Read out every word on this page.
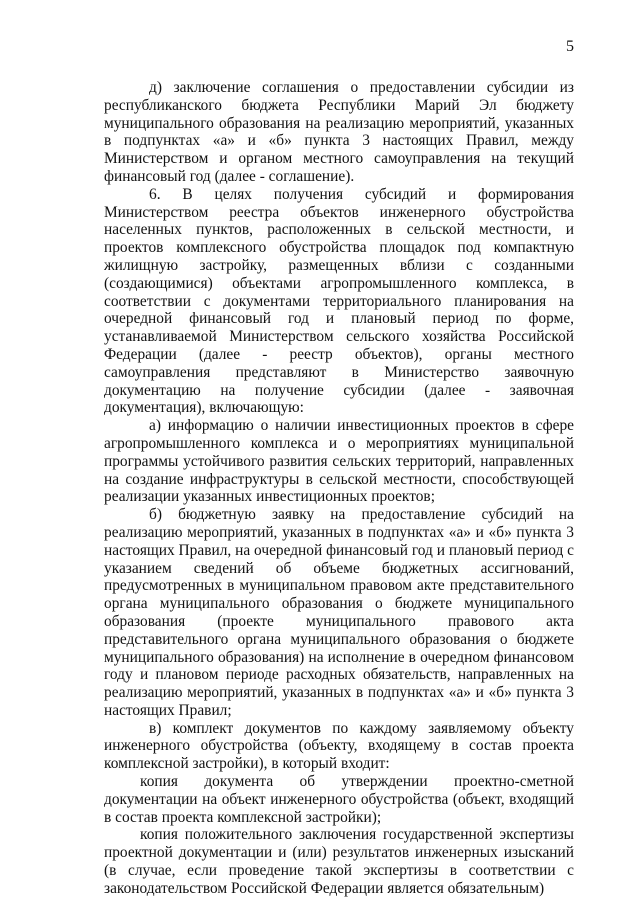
5

д) заключение соглашения о предоставлении субсидии из республиканского бюджета Республики Марий Эл бюджету муниципального образования на реализацию мероприятий, указанных в подпунктах «а» и «б» пункта 3 настоящих Правил, между Министерством и органом местного самоуправления на текущий финансовый год (далее - соглашение).

6. В целях получения субсидий и формирования Министерством реестра объектов инженерного обустройства населенных пунктов, расположенных в сельской местности, и проектов комплексного обустройства площадок под компактную жилищную застройку, размещенных вблизи с созданными (создающимися) объектами агропромышленного комплекса, в соответствии с документами территориального планирования на очередной финансовый год и плановый период по форме, устанавливаемой Министерством сельского хозяйства Российской Федерации (далее - реестр объектов), органы местного самоуправления представляют в Министерство заявочную документацию на получение субсидии (далее - заявочная документация), включающую:

а) информацию о наличии инвестиционных проектов в сфере агропромышленного комплекса и о мероприятиях муниципальной программы устойчивого развития сельских территорий, направленных на создание инфраструктуры в сельской местности, способствующей реализации указанных инвестиционных проектов;

б) бюджетную заявку на предоставление субсидий на реализацию мероприятий, указанных в подпунктах «а» и «б» пункта 3 настоящих Правил, на очередной финансовый год и плановый период с указанием сведений об объеме бюджетных ассигнований, предусмотренных в муниципальном правовом акте представительного органа муниципального образования о бюджете муниципального образования (проекте муниципального правового акта представительного органа муниципального образования о бюджете муниципального образования) на исполнение в очередном финансовом году и плановом периоде расходных обязательств, направленных на реализацию мероприятий, указанных в подпунктах «а» и «б» пункта 3 настоящих Правил;

в) комплект документов по каждому заявляемому объекту инженерного обустройства (объекту, входящему в состав проекта комплексной застройки), в который входит:

копия документа об утверждении проектно-сметной документации на объект инженерного обустройства (объект, входящий в состав проекта комплексной застройки);

копия положительного заключения государственной экспертизы проектной документации и (или) результатов инженерных изысканий (в случае, если проведение такой экспертизы в соответствии с законодательством Российской Федерации является обязательным)
